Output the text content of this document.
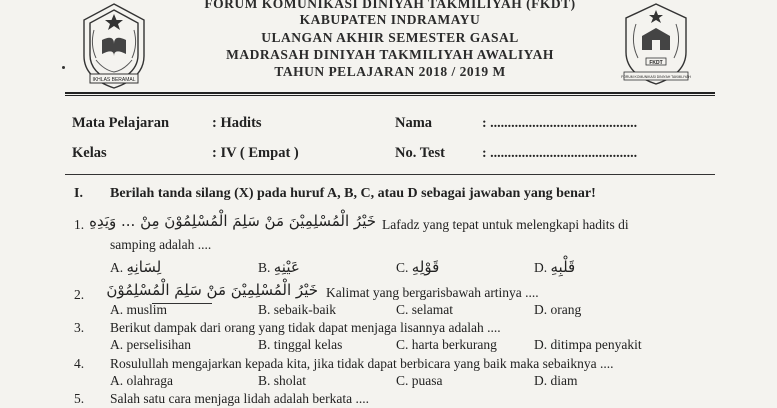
IKHLAS BERAMAL
FKDT
FORUM KOMUNIKASI DINIYAH TAKMILIYAH
FORUM KOMUNIKASI DINIYAH TAKMILIYAH (FKDT)
KABUPATEN INDRAMAYU
ULANGAN AKHIR SEMESTER GASAL
MADRASAH DINIYAH TAKMILIYAH AWALIYAH
TAHUN PELAJARAN 2018 / 2019 M
Mata Pelajaran	: Hadits	Nama	: ..........................................
Kelas	: IV ( Empat )	No. Test	: ..........................................
I. Berilah tanda silang (X) pada huruf A, B, C, atau D sebagai jawaban yang benar!
1. خَيْرُ الْمُسْلِمِيْنَ مَنْ سَلِمَ الْمُسْلِمُوْنَ مِنْ ... وَيَدِهِ Lafadz yang tepat untuk melengkapi hadits di
samping adalah ....
A. لِسَانِهِ	B. عَيْنِهِ	C. قَوْلِهِ	D. قَلْبِهِ
2. خَيْرُ الْمُسْلِمِيْنَ مَنْ سَلِمَ الْمُسْلِمُوْنَ Kalimat yang bergarisbawah artinya ....
A. muslim	B. sebaik-baik	C. selamat	D. orang
3. Berikut dampak dari orang yang tidak dapat menjaga lisannya adalah ....
A. perselisihan	B. tinggal kelas	C. harta berkurang	D. ditimpa penyakit
4. Rosulullah mengajarkan kepada kita, jika tidak dapat berbicara yang baik maka sebaiknya ....
A. olahraga	B. sholat	C. puasa	D. diam
5. Salah satu cara menjaga lidah adalah berkata ....
